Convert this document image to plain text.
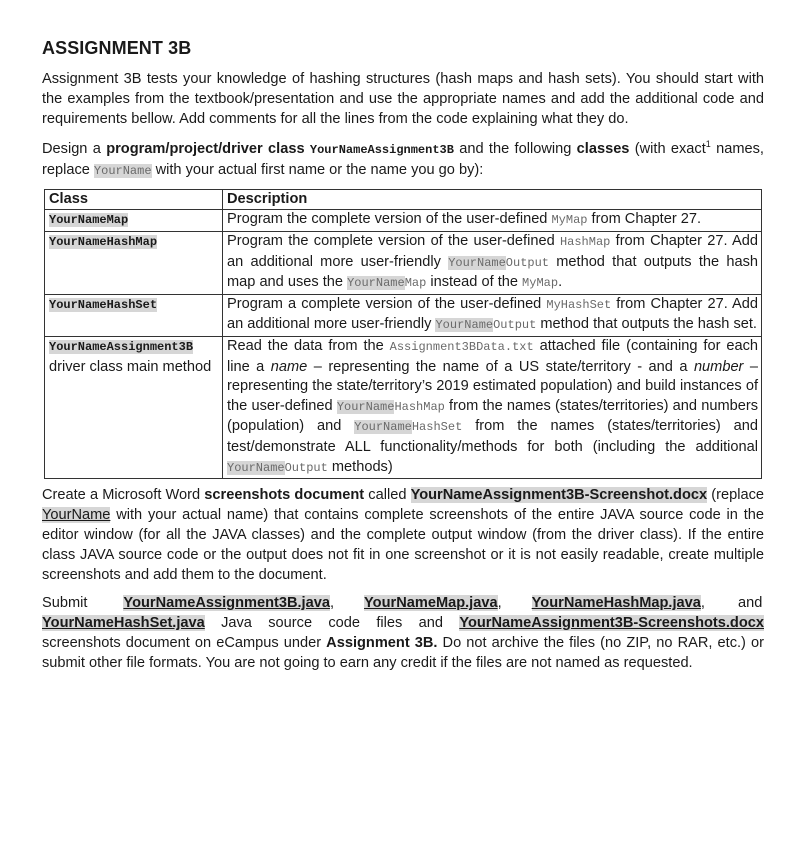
ASSIGNMENT 3B

Assignment 3B tests your knowledge of hashing structures (hash maps and hash sets). You should start with the examples from the textbook/presentation and use the appropriate names and add the additional code and requirements bellow. Add comments for all the lines from the code explaining what they do.

Design a program/project/driver class YourNameAssignment3B and the following classes (with exact$^1$ names, replace YourName with your actual first name or the name you go by):

Class	Description
YourNameMap	Program the complete version of the user-defined MyMap from Chapter 27.
YourNameHashMap	Program the complete version of the user-defined HashMap from Chapter 27. Add an additional more user-friendly YourNameOutput method that outputs the hash map and uses the YourNameMap instead of the MyMap.
YourNameHashSet	Program a complete version of the user-defined MyHashSet from Chapter 27. Add an additional more user-friendly YourNameOutput method that outputs the hash set.
YourNameAssignment3B
driver class main method	Read the data from the Assignment3BData.txt attached file (containing for each line a name – representing the name of a US state/territory - and a number – representing the state/territory’s 2019 estimated population) and build instances of the user-defined YourNameHashMap from the names (states/territories) and numbers (population) and YourNameHashSet from the names (states/territories) and test/demonstrate ALL functionality/methods for both (including the additional YourNameOutput methods)

Create a Microsoft Word screenshots document called YourNameAssignment3B-Screenshot.docx (replace YourName with your actual name) that contains complete screenshots of the entire JAVA source code in the editor window (for all the JAVA classes) and the complete output window (from the driver class). If the entire class JAVA source code or the output does not fit in one screenshot or it is not easily readable, create multiple screenshots and add them to the document.

Submit YourNameAssignment3B.java, YourNameMap.java, YourNameHashMap.java, and YourNameHashSet.java Java source code files and YourNameAssignment3B-Screenshots.docx screenshots document on eCampus under Assignment 3B. Do not archive the files (no ZIP, no RAR, etc.) or submit other file formats. You are not going to earn any credit if the files are not named as requested.
